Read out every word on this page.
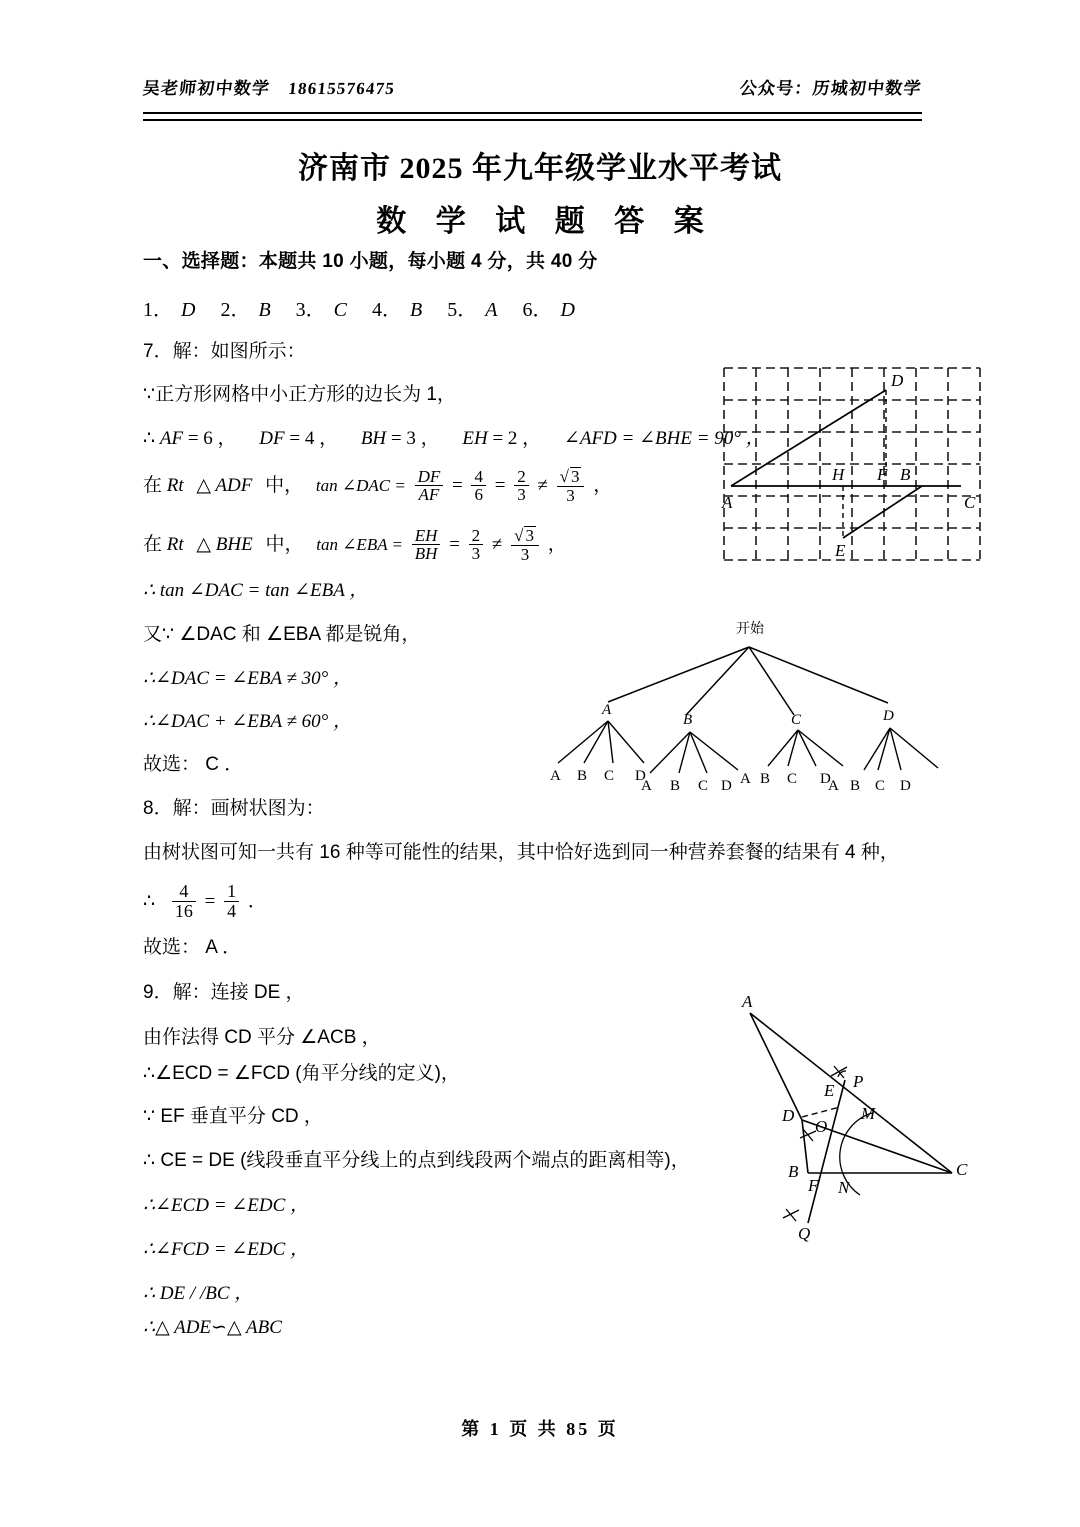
吴老师初中数学　18615576475	公众号：历城初中数学
济南市 2025 年九年级学业水平考试
数 学 试 题 答 案
一、选择题：本题共 10 小题，每小题 4 分，共 40 分
1． D 2． B 3． C 4． B 5． A 6． D
7．解：如图所示：
∵正方形网格中小正方形的边长为 1，
∴ AF = 6 ， DF = 4 ， BH = 3 ， EH = 2 ， ∠AFD = ∠BHE = 90° ，
在 Rt △ ADF 中， tan ∠DAC = $\frac{DF}{AF} = \frac{4}{6} = \frac{2}{3} \ne \frac{√ 3}{3}$ ，
在 Rt △ BHE 中， tan ∠EBA = $\frac{EH}{BH} = \frac{2}{3} \ne \frac{√ 3}{3}$ ，
∴ tan ∠DAC = tan ∠EBA ，
又∵ ∠DAC 和 ∠EBA 都是锐角，
∴∠DAC = ∠EBA ≠ 30° ，
∴∠DAC + ∠EBA ≠ 60° ，
故选： C ．
A
H F B
C
D
E
8．解：画树状图为：
由树状图可知一共有 16 种等可能性的结果，其中恰好选到同一种营养套餐的结果有 4 种，
∴ $\frac{4}{16} = \frac{1}{4}$ ．
故选： A ．
开始
A
B	C	D
A B C D
A B C D A B C D
A B C D
9．解：连接 DE ，
由作法得 CD 平分 ∠ACB ，
∴∠ECD = ∠FCD (角平分线的定义)，
∵ EF 垂直平分 CD ，
∴ CE = DE (线段垂直平分线上的点到线段两个端点的距离相等)，
∴∠ECD = ∠EDC ，
∴∠FCD = ∠EDC ，
∴ DE / /BC ，
∴△ ADE∽△ ABC
A
D
E P
O
M
B
F N
C
Q
第 1 页 共 85 页
